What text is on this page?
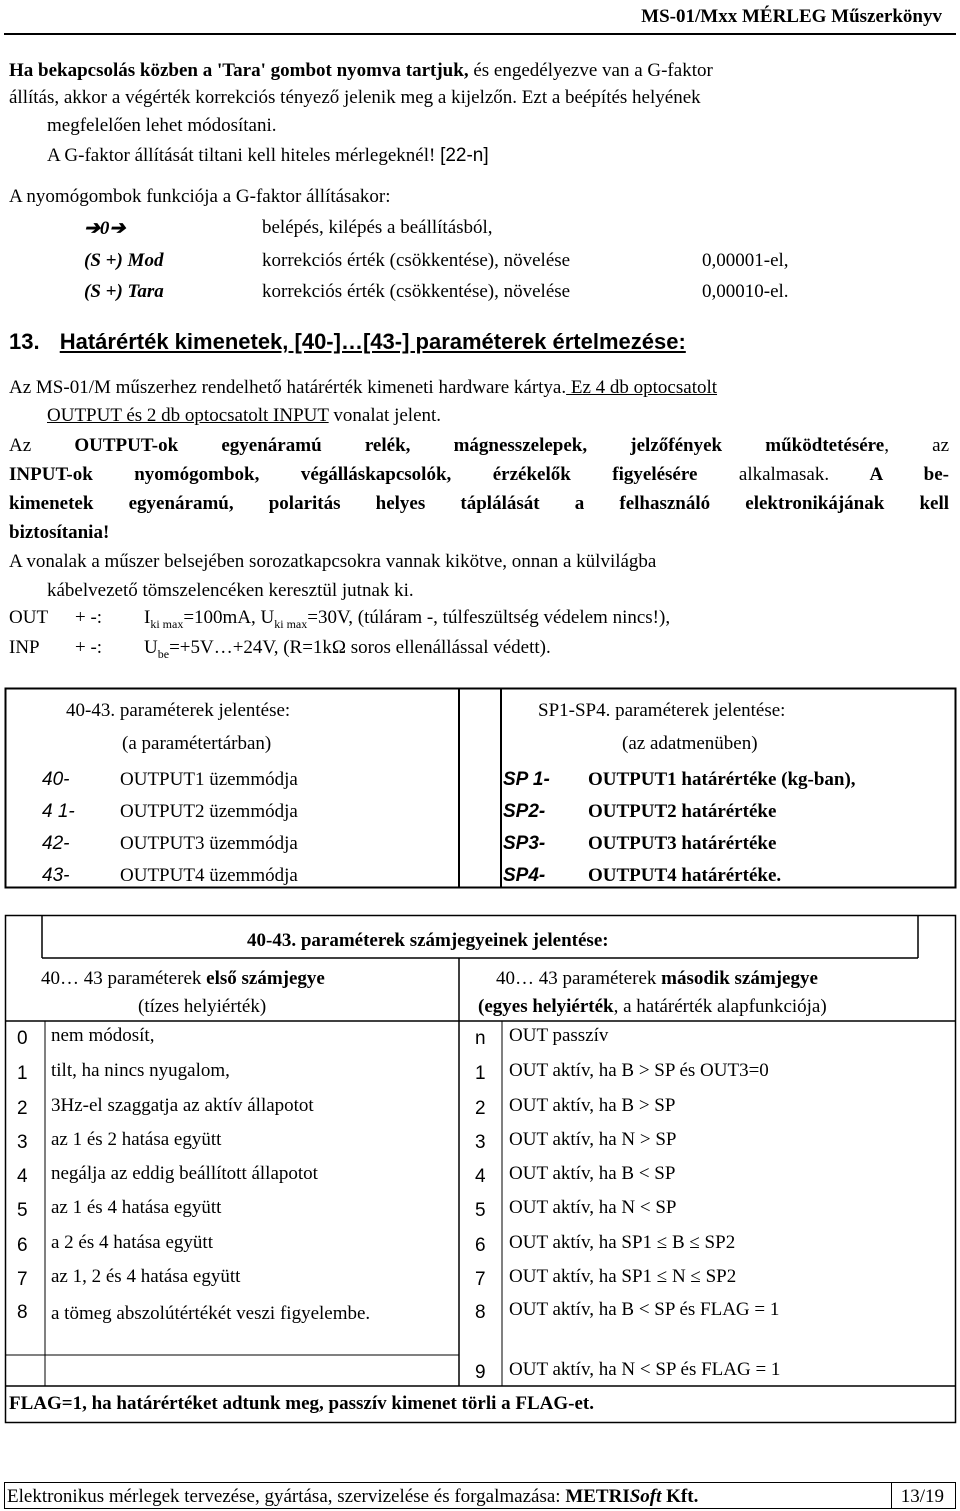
MS-01/Mxx MÉRLEG Műszerkönyv
Ha bekapcsolás közben a 'Tara' gombot nyomva tartjuk, és engedélyezve van a G-faktor
állítás, akkor a végérték korrekciós tényező jelenik meg a kijelzőn. Ezt a beépítés helyének
megfelelően lehet módosítani.
A G-faktor állítását tiltani kell hiteles mérlegeknél! [22-n]
A nyomógombok funkciója a G-faktor állításakor:
➔0➔	belépés, kilépés a beállításból,
(S +) Mod	korrekciós érték (csökkentése), növelése	0,00001-el,
(S +) Tara	korrekciós érték (csökkentése), növelése	0,00010-el.
13. Határérték kimenetek, [40-]…[43-] paraméterek értelmezése:
Az MS-01/M műszerhez rendelhető határérték kimeneti hardware kártya. Ez 4 db optocsatolt
OUTPUT és 2 db optocsatolt INPUT vonalat jelent.
Az OUTPUT-ok egyenáramú relék, mágnesszelepek, jelzőfények működtetésére, az
INPUT-ok nyomógombok, végálláskapcsolók, érzékelők figyelésére alkalmasak. A be-
kimenetek egyenáramú, polaritás helyes táplálását a felhasználó elektronikájának kell
biztosítania!
A vonalak a műszer belsejében sorozatkapcsokra vannak kikötve, onnan a külvilágba
kábelvezető tömszelencéken keresztül jutnak ki.
OUT + -: $I_{ki max}=100mA$, $U_{ki max}=30V$, (túláram -, túlfeszültség védelem nincs!),
INP + -: $U_{be}=+5V\dots+24V$, (R=1kΩ soros ellenállással védett).
40-43. paraméterek jelentése:
(a paramétertárban)
SP1-SP4. paraméterek jelentése:
(az adatmenüben)
40-	OUTPUT1 üzemmódja	SP 1- OUTPUT1 határértéke (kg-ban),
4 1- OUTPUT2 üzemmódja	SP2- OUTPUT2 határértéke
42-	OUTPUT3 üzemmódja	SP3- OUTPUT3 határértéke
43-	OUTPUT4 üzemmódja	SP4- OUTPUT4 határértéke.
40-43. paraméterek számjegyeinek jelentése:
40… 43 paraméterek első számjegye
(tízes helyiérték)
40… 43 paraméterek második számjegye
(egyes helyiérték, a határérték alapfunkciója)
0 nem módosít,
1 tilt, ha nincs nyugalom,
2 3Hz-el szaggatja az aktív állapotot
3 az 1 és 2 hatása együtt
4 negálja az eddig beállított állapotot
5 az 1 és 4 hatása együtt
6 a 2 és 4 hatása együtt
7 az 1, 2 és 4 hatása együtt
8 a tömeg abszolútértékét veszi figyelembe.
n OUT passzív
1 OUT aktív, ha B > SP és OUT3=0
2 OUT aktív, ha B > SP
3 OUT aktív, ha N > SP
4 OUT aktív, ha B < SP
5 OUT aktív, ha N < SP
6 OUT aktív, ha SP1 ≤ B ≤ SP2
7 OUT aktív, ha SP1 ≤ N ≤ SP2
8 OUT aktív, ha B < SP és FLAG = 1
9 OUT aktív, ha N < SP és FLAG = 1
FLAG=1, ha határértéket adtunk meg, passzív kimenet törli a FLAG-et.
Elektronikus mérlegek tervezése, gyártása, szervizelése és forgalmazása: METRISoft Kft.	13/19
